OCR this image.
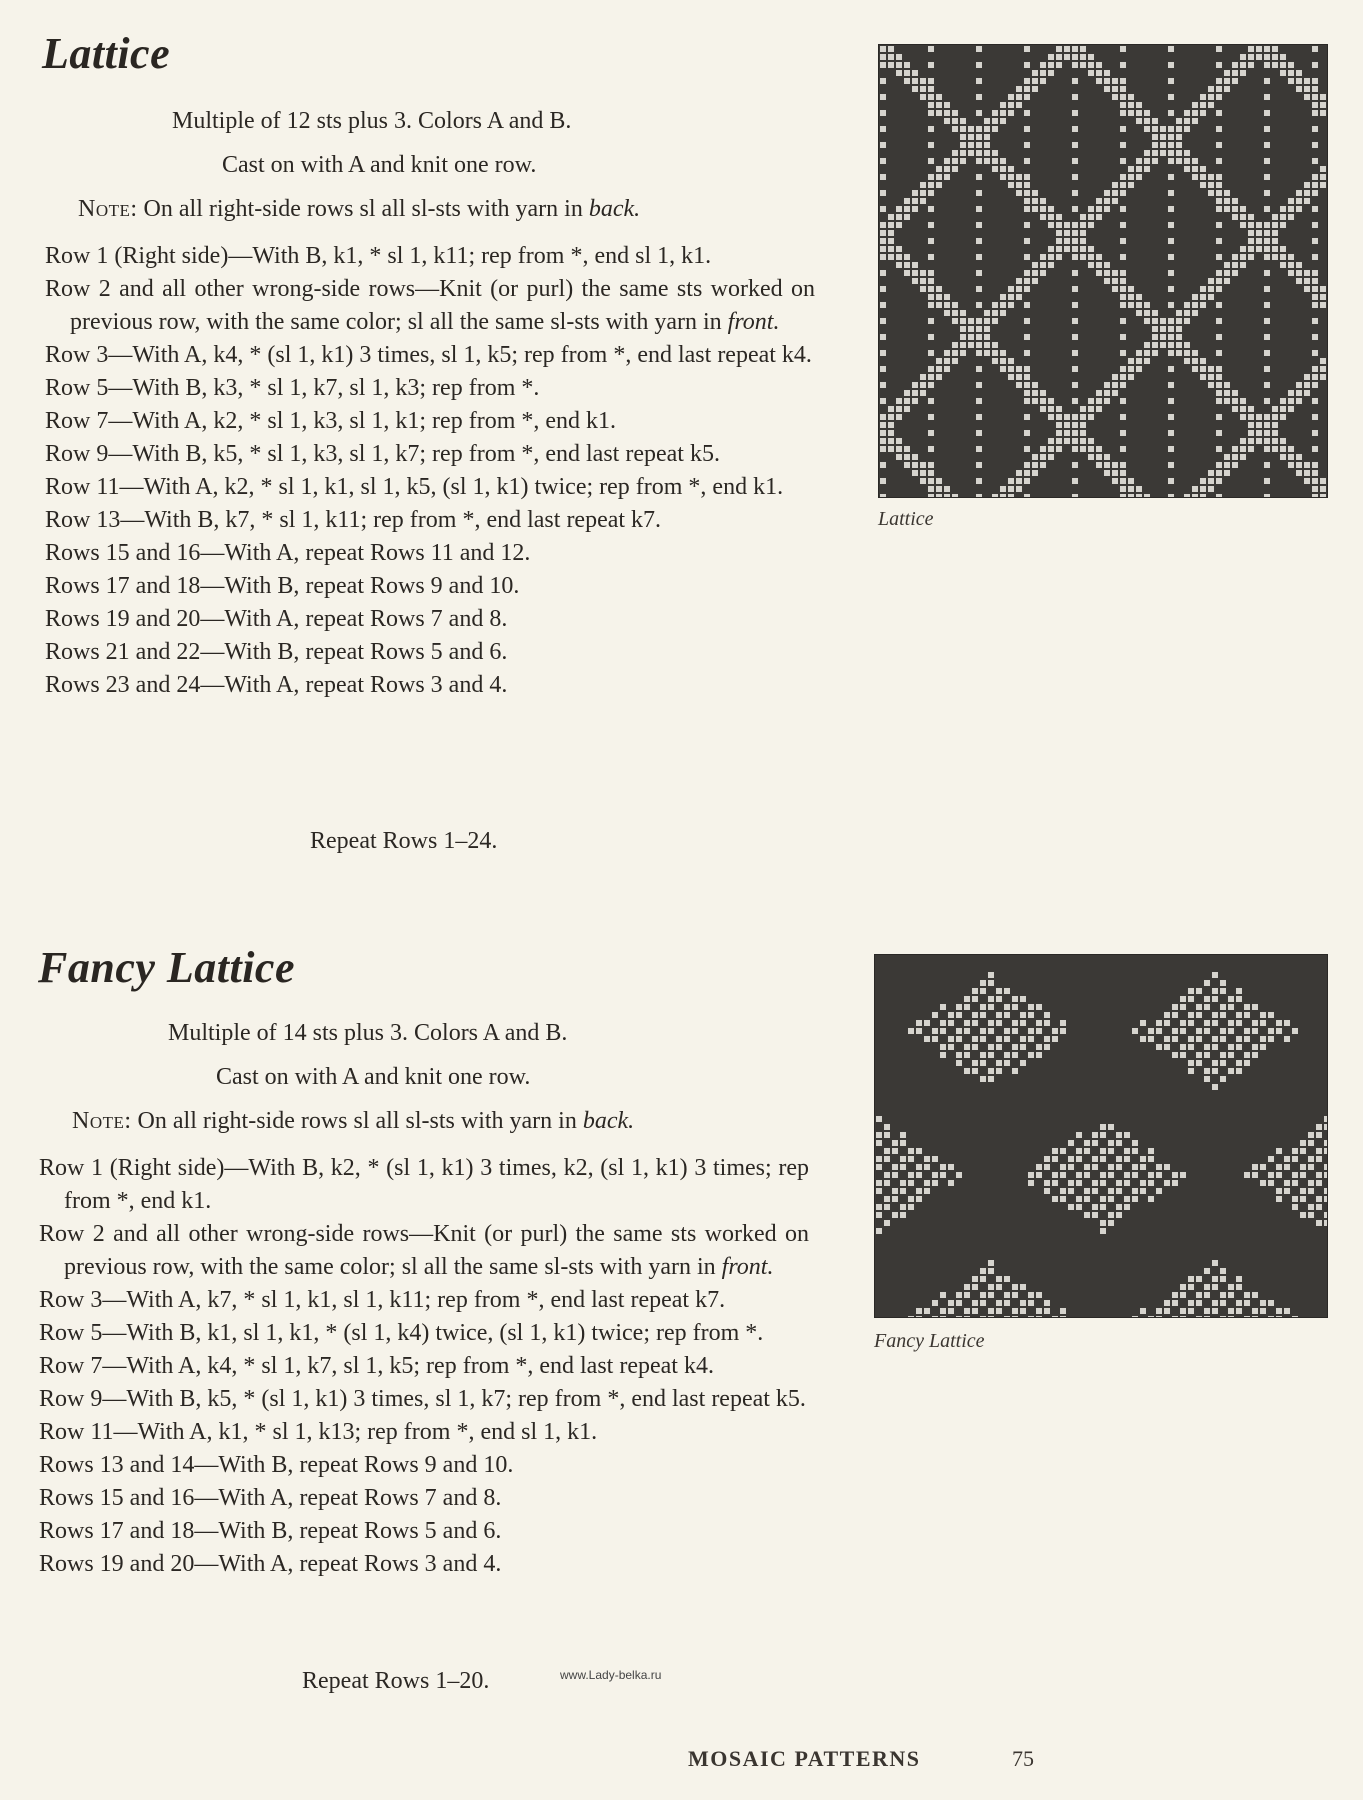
Lattice
Multiple of 12 sts plus 3. Colors A and B.
Cast on with A and knit one row.
Note: On all right-side rows sl all sl-sts with yarn in back.

Row 1 (Right side)—With B, k1, * sl 1, k11; rep from *, end sl 1, k1.

Row 2 and all other wrong-side rows—Knit (or purl) the same sts worked on previous row, with the same color; sl all the same sl-sts with yarn in front.

Row 3—With A, k4, * (sl 1, k1) 3 times, sl 1, k5; rep from *, end last repeat k4.

Row 5—With B, k3, * sl 1, k7, sl 1, k3; rep from *.

Row 7—With A, k2, * sl 1, k3, sl 1, k1; rep from *, end k1.

Row 9—With B, k5, * sl 1, k3, sl 1, k7; rep from *, end last repeat k5.

Row 11—With A, k2, * sl 1, k1, sl 1, k5, (sl 1, k1) twice; rep from *, end k1.

Row 13—With B, k7, * sl 1, k11; rep from *, end last repeat k7.

Rows 15 and 16—With A, repeat Rows 11 and 12.

Rows 17 and 18—With B, repeat Rows 9 and 10.

Rows 19 and 20—With A, repeat Rows 7 and 8.

Rows 21 and 22—With B, repeat Rows 5 and 6.

Rows 23 and 24—With A, repeat Rows 3 and 4.

Repeat Rows 1–24.
Lattice
Fancy Lattice
Multiple of 14 sts plus 3. Colors A and B.
Cast on with A and knit one row.
Note: On all right-side rows sl all sl-sts with yarn in back.

Row 1 (Right side)—With B, k2, * (sl 1, k1) 3 times, k2, (sl 1, k1) 3 times; rep from *, end k1.

Row 2 and all other wrong-side rows—Knit (or purl) the same sts worked on previous row, with the same color; sl all the same sl-sts with yarn in front.

Row 3—With A, k7, * sl 1, k1, sl 1, k11; rep from *, end last repeat k7.

Row 5—With B, k1, sl 1, k1, * (sl 1, k4) twice, (sl 1, k1) twice; rep from *.

Row 7—With A, k4, * sl 1, k7, sl 1, k5; rep from *, end last repeat k4.

Row 9—With B, k5, * (sl 1, k1) 3 times, sl 1, k7; rep from *, end last repeat k5.

Row 11—With A, k1, * sl 1, k13; rep from *, end sl 1, k1.

Rows 13 and 14—With B, repeat Rows 9 and 10.

Rows 15 and 16—With A, repeat Rows 7 and 8.

Rows 17 and 18—With B, repeat Rows 5 and 6.

Rows 19 and 20—With A, repeat Rows 3 and 4.

Repeat Rows 1–20.
Fancy Lattice
www.Lady-belka.ru
MOSAIC PATTERNS	75
